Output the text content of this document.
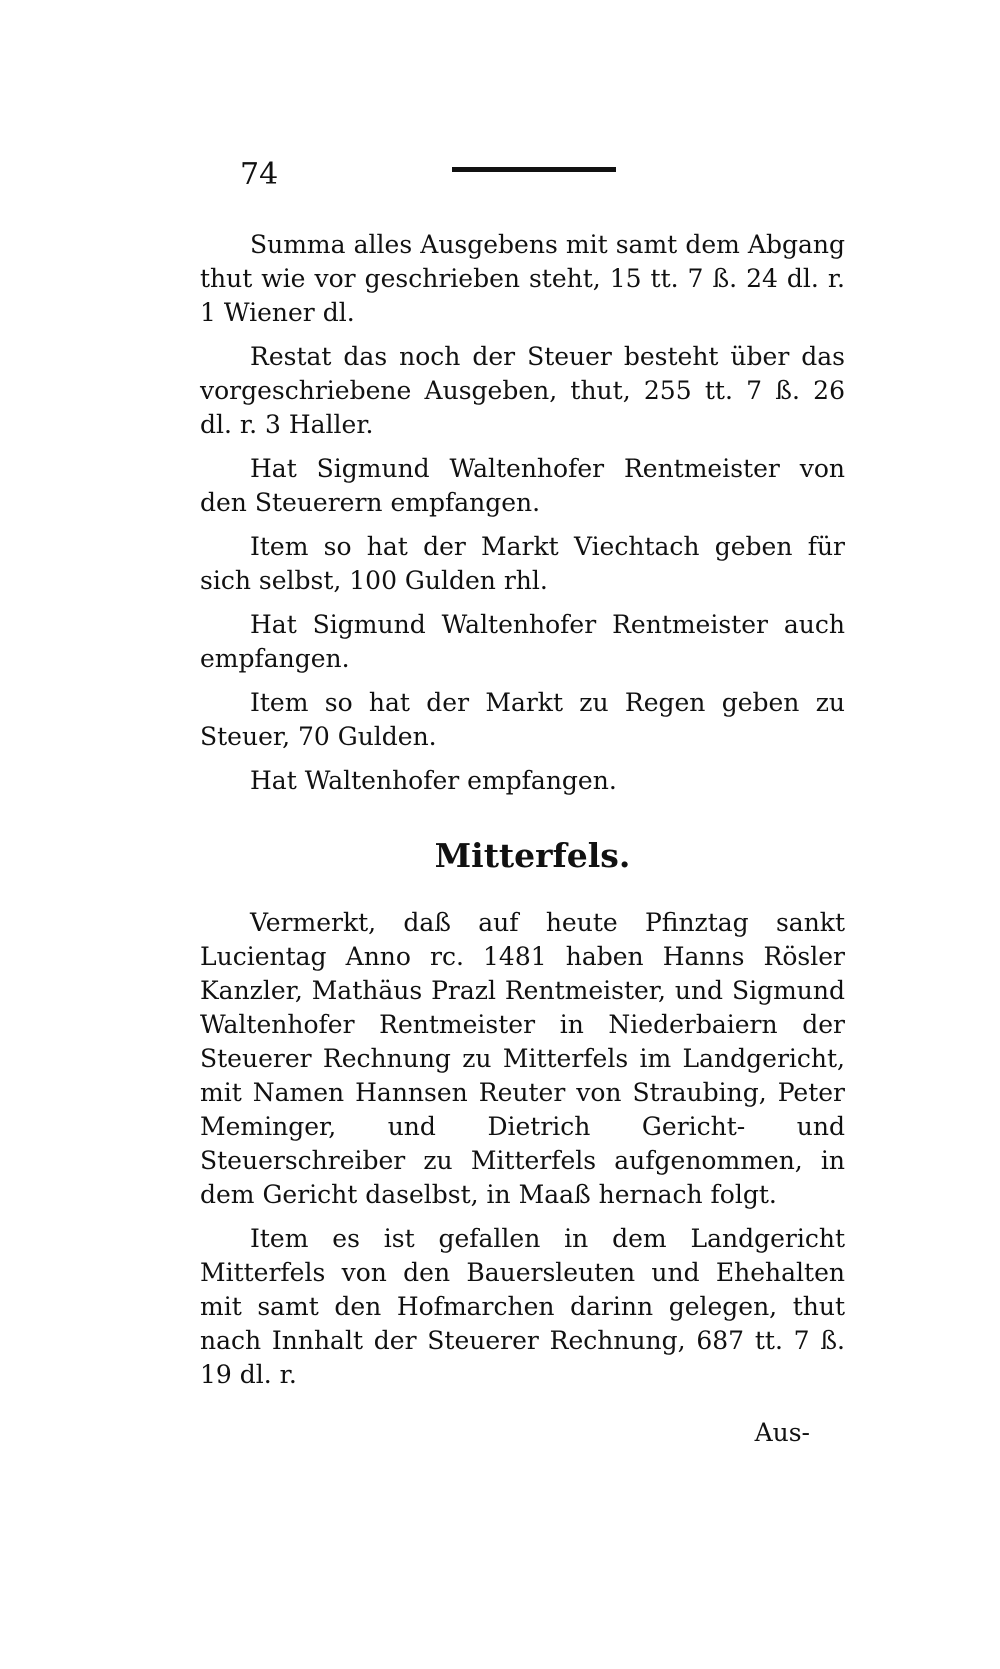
74

Summa alles Ausgebens mit samt dem Abgang thut wie vor geschrieben steht, 15 tt. 7 ß. 24 dl. r. 1 Wiener dl.

Restat das noch der Steuer besteht über das vorgeschriebene Ausgeben, thut, 255 tt. 7 ß. 26 dl. r. 3 Haller.

Hat Sigmund Waltenhofer Rentmeister von den Steuerern empfangen.

Item so hat der Markt Viechtach geben für sich selbst, 100 Gulden rhl.

Hat Sigmund Waltenhofer Rentmeister auch empfangen.

Item so hat der Markt zu Regen geben zu Steuer, 70 Gulden.

Hat Waltenhofer empfangen.

Mitterfels.

Vermerkt, daß auf heute Pfinztag sankt Lucientag Anno rc. 1481 haben Hanns Rösler Kanzler, Mathäus Prazl Rentmeister, und Sigmund Waltenhofer Rentmeister in Niederbaiern der Steuerer Rechnung zu Mitterfels im Landgericht, mit Namen Hannsen Reuter von Straubing, Peter Meminger, und Dietrich Gericht- und Steuerschreiber zu Mitterfels aufgenommen, in dem Gericht daselbst, in Maaß hernach folgt.

Item es ist gefallen in dem Landgericht Mitterfels von den Bauersleuten und Ehehalten mit samt den Hofmarchen darinn gelegen, thut nach Innhalt der Steuerer Rechnung, 687 tt. 7 ß. 19 dl. r.

Aus-
